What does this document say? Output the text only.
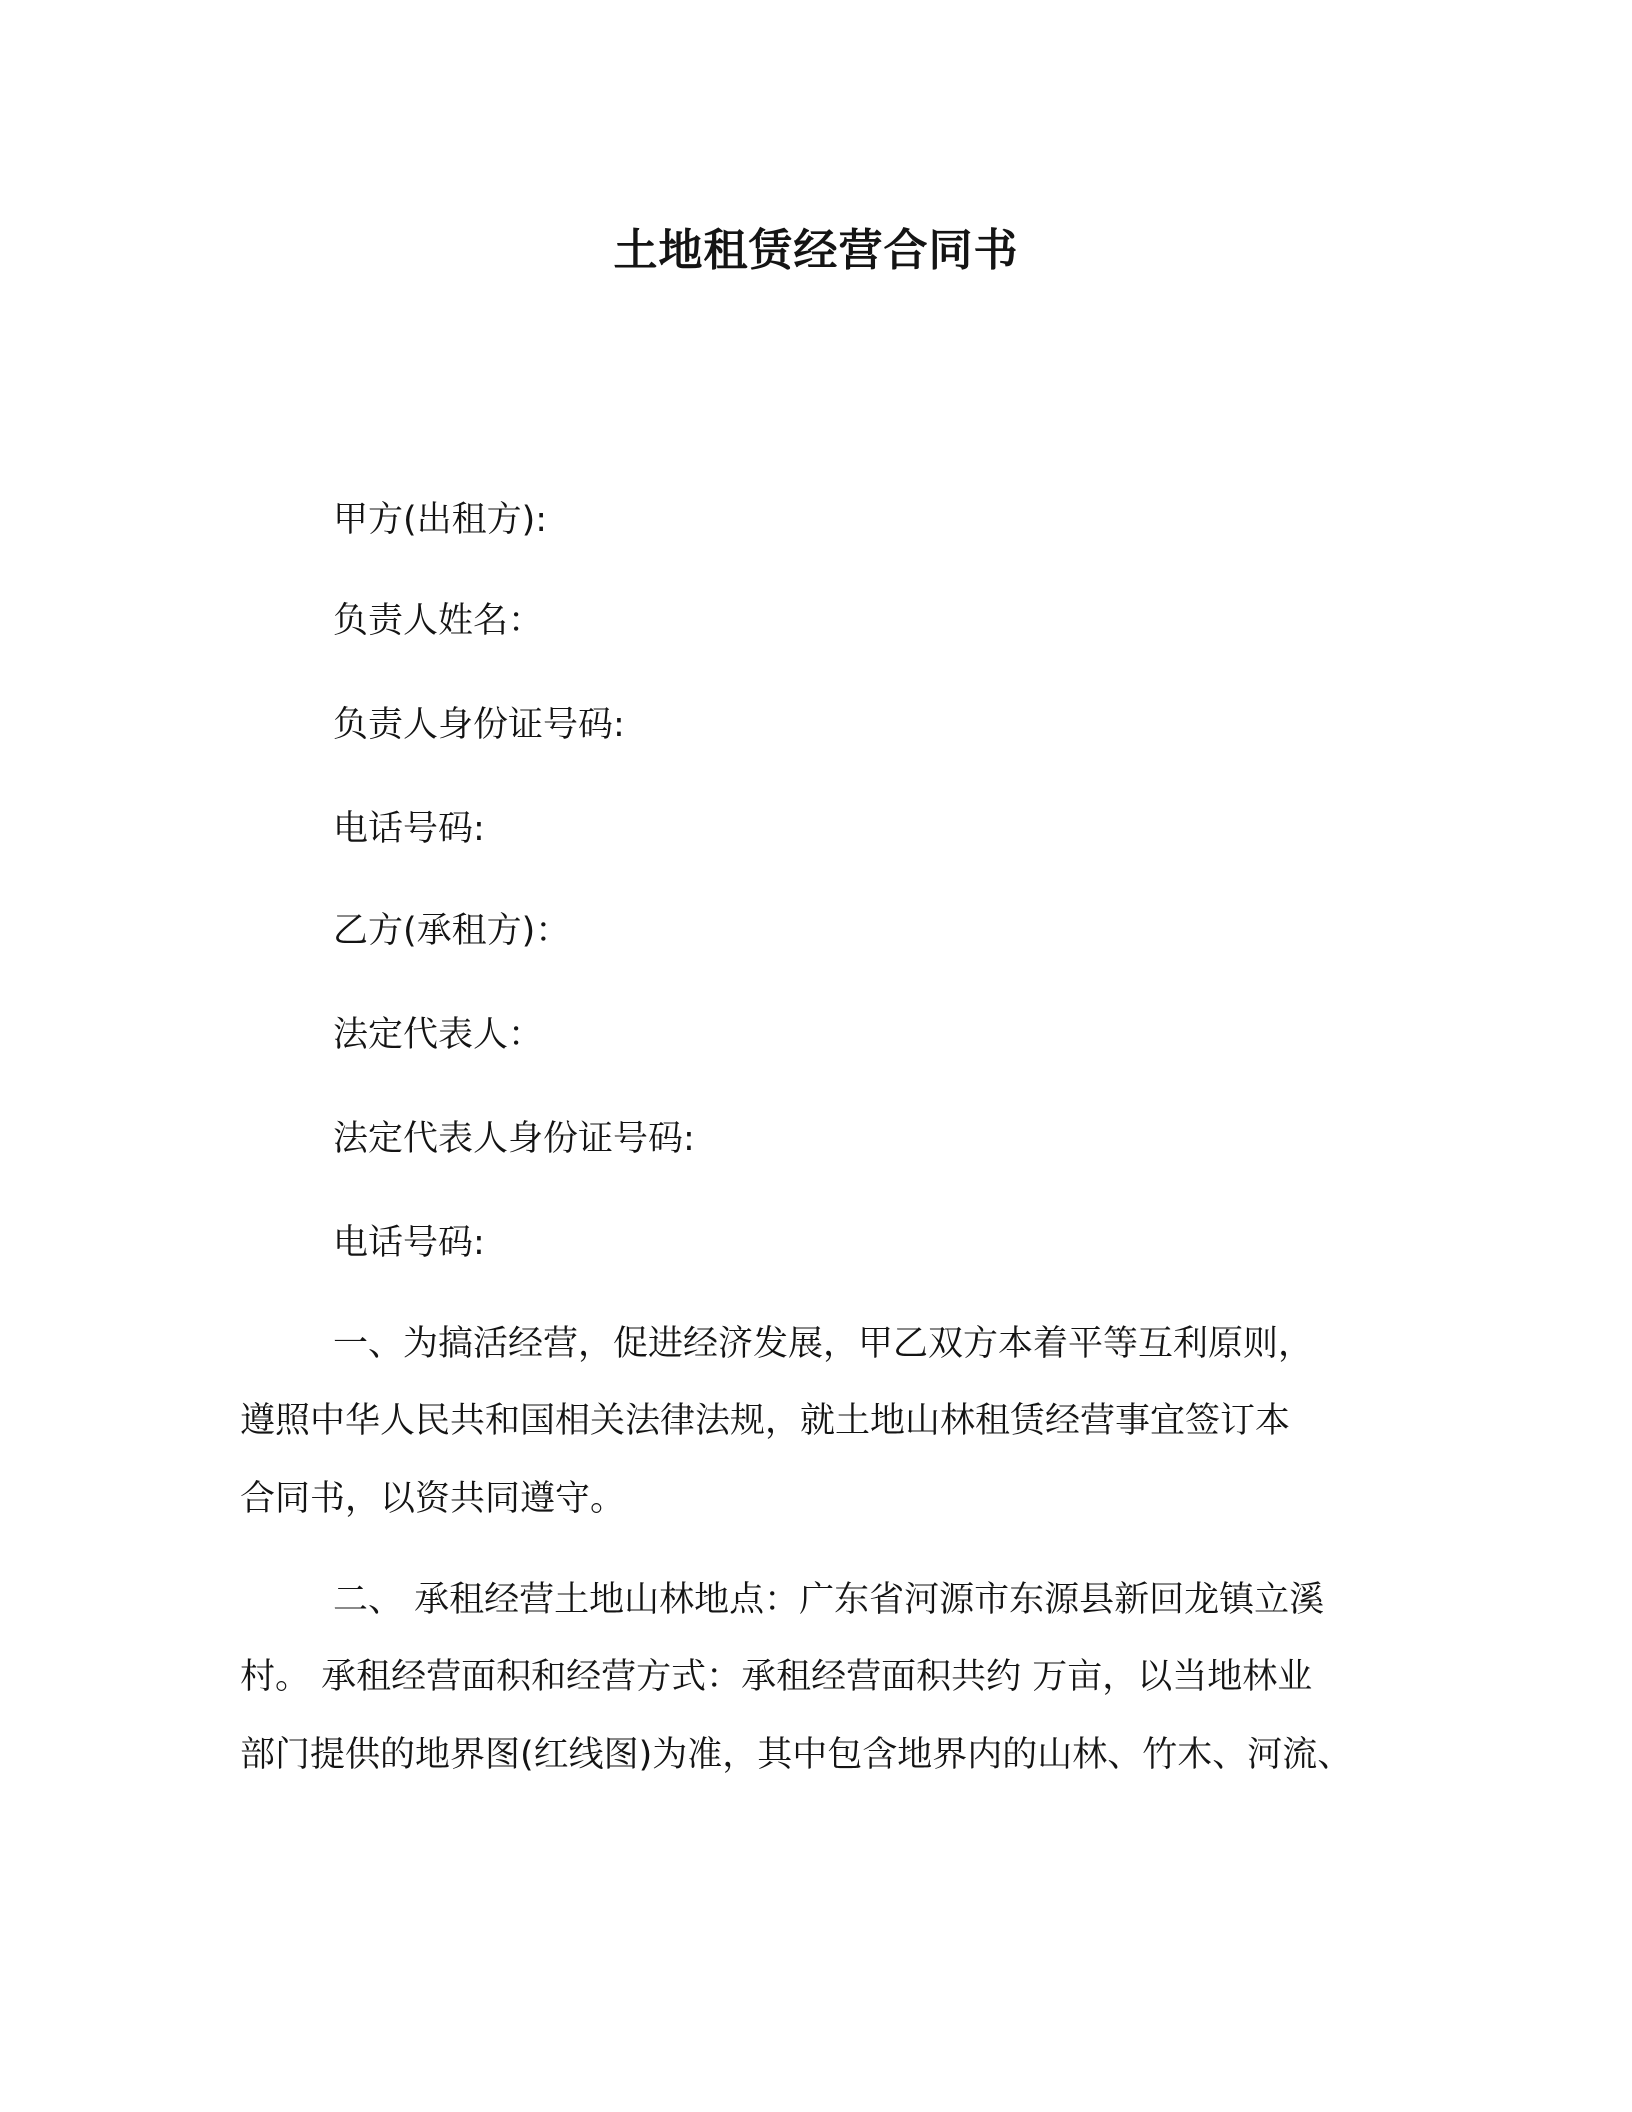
土地租赁经营合同书
甲方(出租方):
负责人姓名：
负责人身份证号码:
电话号码:
乙方(承租方)：
法定代表人：
法定代表人身份证号码:
电话号码:
一、为搞活经营，促进经济发展，甲乙双方本着平等互利原则，
遵照中华人民共和国相关法律法规，就土地山林租赁经营事宜签订本
合同书，以资共同遵守。
二、 承租经营土地山林地点：广东省河源市东源县新回龙镇立溪
村。 承租经营面积和经营方式：承租经营面积共约 万亩，以当地林业
部门提供的地界图(红线图)为准，其中包含地界内的山林、竹木、河流、
